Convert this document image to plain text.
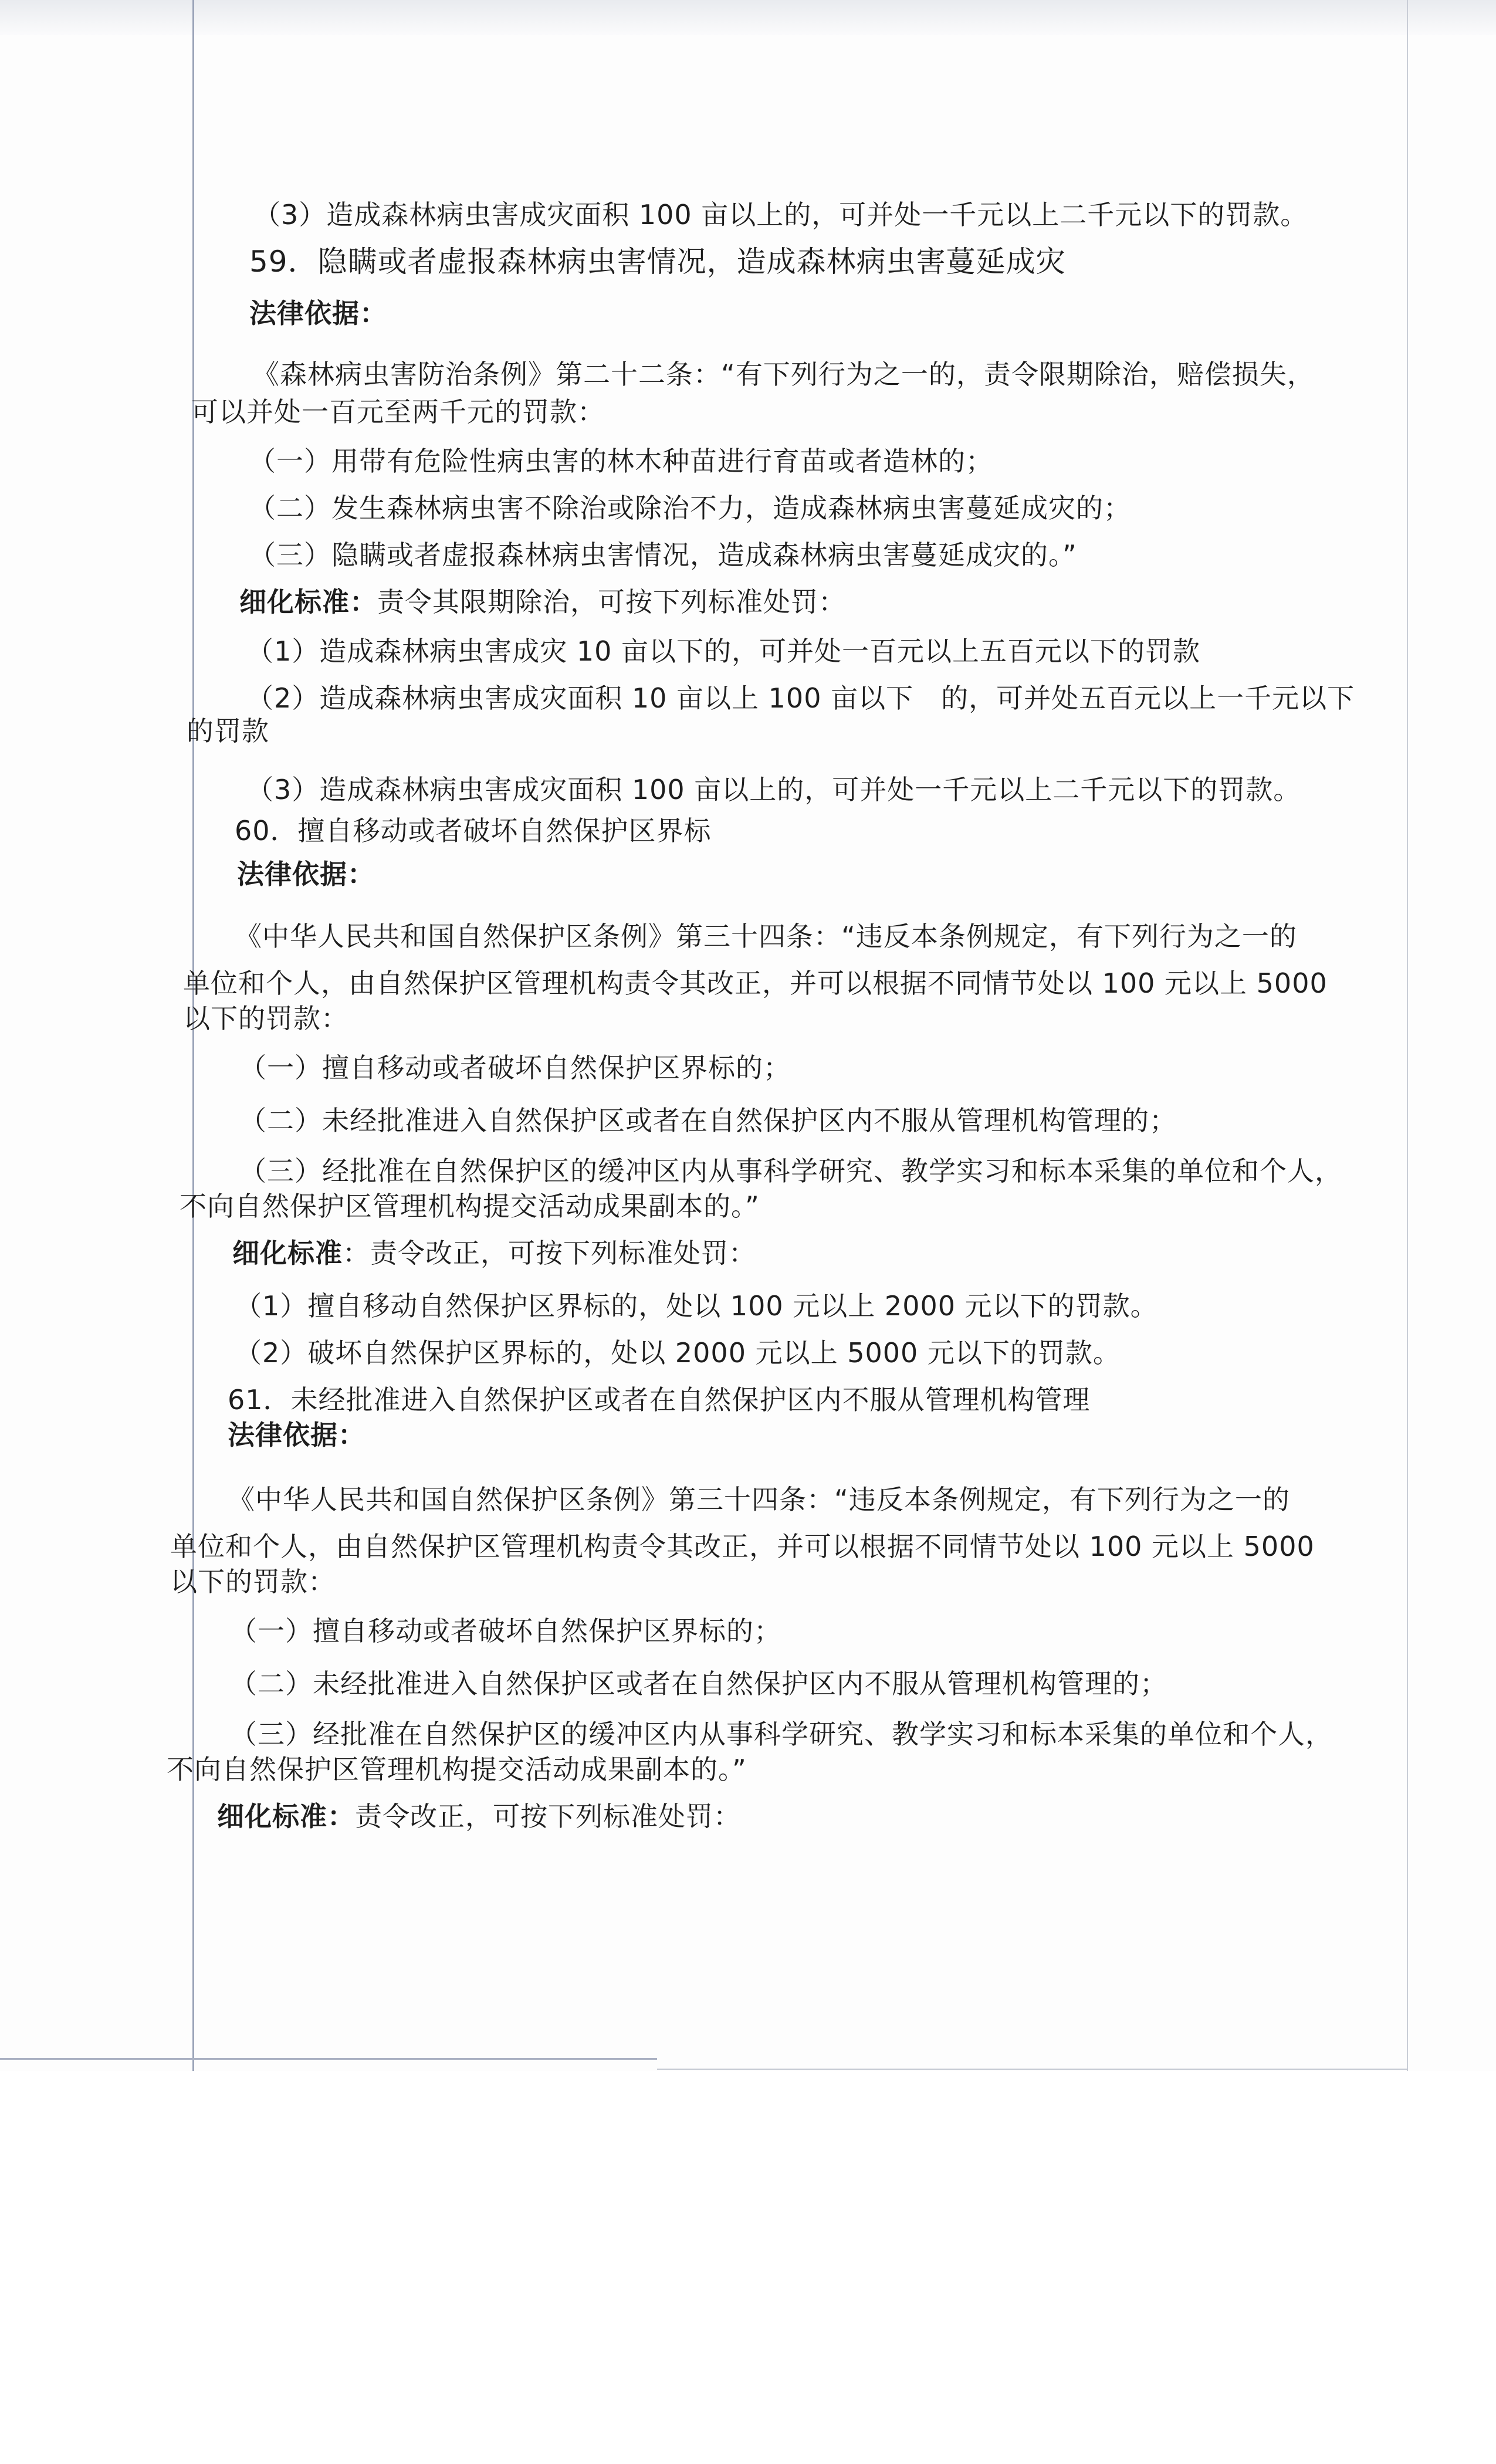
（3）造成森林病虫害成灾面积 100 亩以上的，可并处一千元以上二千元以下的罚款。
59．隐瞒或者虚报森林病虫害情况，造成森林病虫害蔓延成灾
法律依据：
《森林病虫害防治条例》第二十二条：“有下列行为之一的，责令限期除治，赔偿损失，
可以并处一百元至两千元的罚款：
（一）用带有危险性病虫害的林木种苗进行育苗或者造林的；
（二）发生森林病虫害不除治或除治不力，造成森林病虫害蔓延成灾的；
（三）隐瞒或者虚报森林病虫害情况，造成森林病虫害蔓延成灾的。”
细化标准：责令其限期除治，可按下列标准处罚：
（1）造成森林病虫害成灾 10 亩以下的，可并处一百元以上五百元以下的罚款
（2）造成森林病虫害成灾面积 10 亩以上 100 亩以下　的，可并处五百元以上一千元以下
的罚款
（3）造成森林病虫害成灾面积 100 亩以上的，可并处一千元以上二千元以下的罚款。
60．擅自移动或者破坏自然保护区界标
法律依据：
《中华人民共和国自然保护区条例》第三十四条：“违反本条例规定，有下列行为之一的
单位和个人，由自然保护区管理机构责令其改正，并可以根据不同情节处以 100 元以上 5000
以下的罚款：
（一）擅自移动或者破坏自然保护区界标的；
（二）未经批准进入自然保护区或者在自然保护区内不服从管理机构管理的；
（三）经批准在自然保护区的缓冲区内从事科学研究、教学实习和标本采集的单位和个人，
不向自然保护区管理机构提交活动成果副本的。”
细化标准：责令改正，可按下列标准处罚：
（1）擅自移动自然保护区界标的，处以 100 元以上 2000 元以下的罚款。
（2）破坏自然保护区界标的，处以 2000 元以上 5000 元以下的罚款。
61．未经批准进入自然保护区或者在自然保护区内不服从管理机构管理
法律依据：
《中华人民共和国自然保护区条例》第三十四条：“违反本条例规定，有下列行为之一的
单位和个人，由自然保护区管理机构责令其改正，并可以根据不同情节处以 100 元以上 5000
以下的罚款：
（一）擅自移动或者破坏自然保护区界标的；
（二）未经批准进入自然保护区或者在自然保护区内不服从管理机构管理的；
（三）经批准在自然保护区的缓冲区内从事科学研究、教学实习和标本采集的单位和个人，
不向自然保护区管理机构提交活动成果副本的。”
细化标准：责令改正，可按下列标准处罚：
